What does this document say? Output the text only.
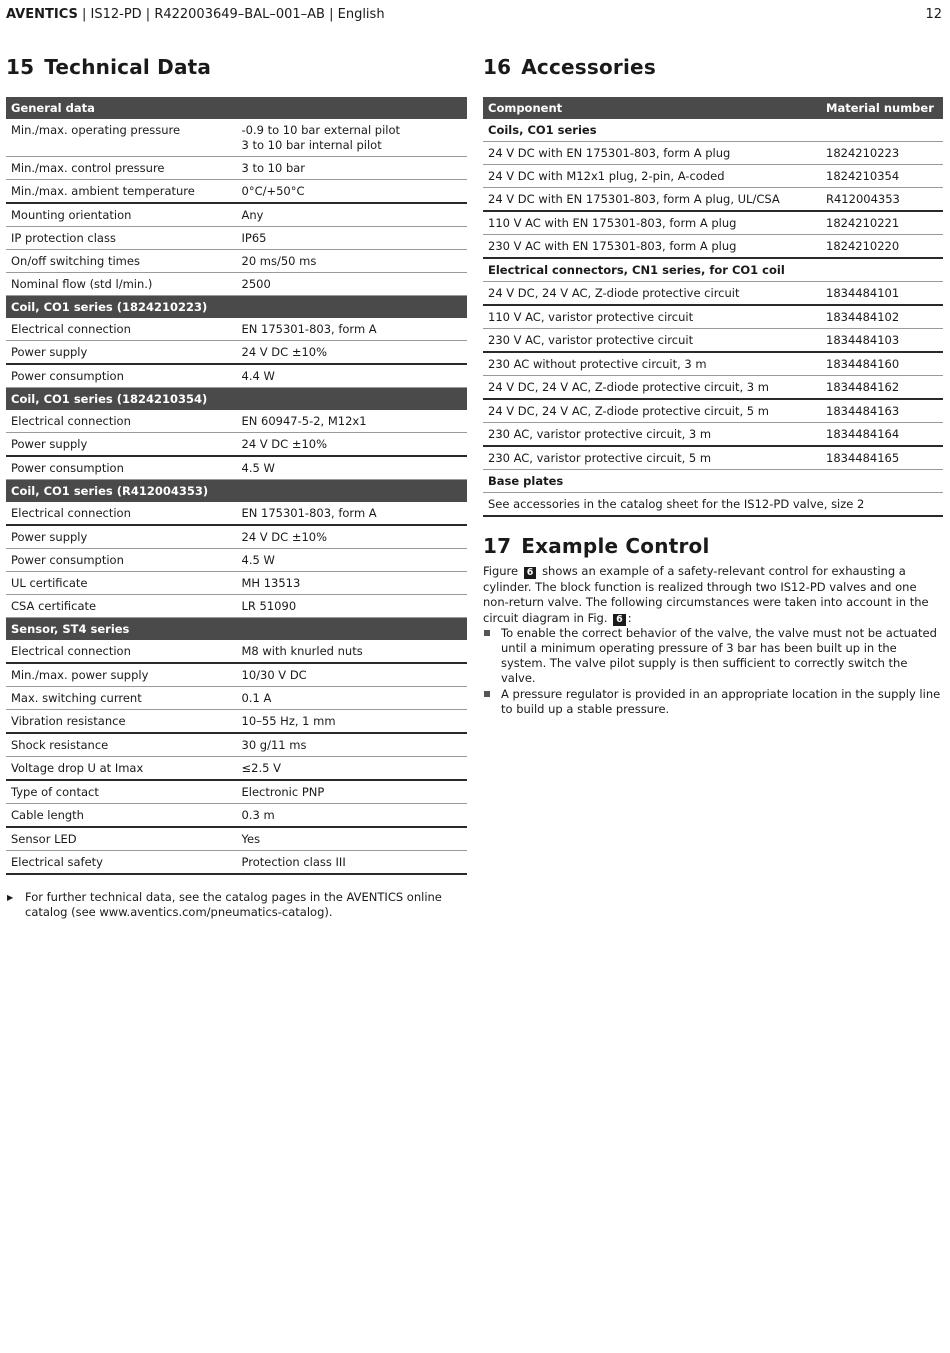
AVENTICS | IS12-PD | R422003649–BAL–001–AB | English	12
15 Technical Data
General data	
Min./max. operating pressure	-0.9 to 10 bar external pilot
3 to 10 bar internal pilot

Min./max. control pressure	3 to 10 bar
Min./max. ambient temperature	0°C/+50°C
Mounting orientation	Any
IP protection class	IP65
On/off switching times	20 ms/50 ms
Nominal flow (std l/min.)	2500
Coil, CO1 series (1824210223)	
Electrical connection	EN 175301-803, form A
Power supply	24 V DC ±10%
Power consumption	4.4 W
Coil, CO1 series (1824210354)	
Electrical connection	EN 60947-5-2, M12x1
Power supply	24 V DC ±10%
Power consumption	4.5 W
Coil, CO1 series (R412004353)	
Electrical connection	EN 175301-803, form A
Power supply	24 V DC ±10%
Power consumption	4.5 W
UL certificate	MH 13513
CSA certificate	LR 51090
Sensor, ST4 series	
Electrical connection	M8 with knurled nuts
Min./max. power supply	10/30 V DC
Max. switching current	0.1 A
Vibration resistance	10–55 Hz, 1 mm
Shock resistance	30 g/11 ms
Voltage drop U at Imax	≤2.5 V
Type of contact	Electronic PNP
Cable length	0.3 m
Sensor LED	Yes
Electrical safety	Protection class III
▶ For further technical data, see the catalog pages in the AVENTICS online catalog (see www.aventics.com/pneumatics-catalog).
16 Accessories
Component	Material number
Coils, CO1 series	
24 V DC with EN 175301-803, form A plug	1824210223
24 V DC with M12x1 plug, 2-pin, A-coded	1824210354
24 V DC with EN 175301-803, form A plug, UL/CSA	R412004353
110 V AC with EN 175301-803, form A plug	1824210221
230 V AC with EN 175301-803, form A plug	1824210220
Electrical connectors, CN1 series, for CO1 coil	
24 V DC, 24 V AC, Z-diode protective circuit	1834484101
110 V AC, varistor protective circuit	1834484102
230 V AC, varistor protective circuit	1834484103
230 AC without protective circuit, 3 m	1834484160
24 V DC, 24 V AC, Z-diode protective circuit, 3 m	1834484162
24 V DC, 24 V AC, Z-diode protective circuit, 5 m	1834484163
230 AC, varistor protective circuit, 3 m	1834484164
230 AC, varistor protective circuit, 5 m	1834484165
Base plates	
See accessories in the catalog sheet for the IS12-PD valve, size 2	
17 Example Control
Figure 6 shows an example of a safety-relevant control for exhausting a cylinder. The block function is realized through two IS12-PD valves and one non-return valve. The following circumstances were taken into account in the circuit diagram in Fig. 6 :
To enable the correct behavior of the valve, the valve must not be actuated until a minimum operating pressure of 3 bar has been built up in the system. The valve pilot supply is then sufficient to correctly switch the valve.
A pressure regulator is provided in an appropriate location in the supply line to build up a stable pressure.
